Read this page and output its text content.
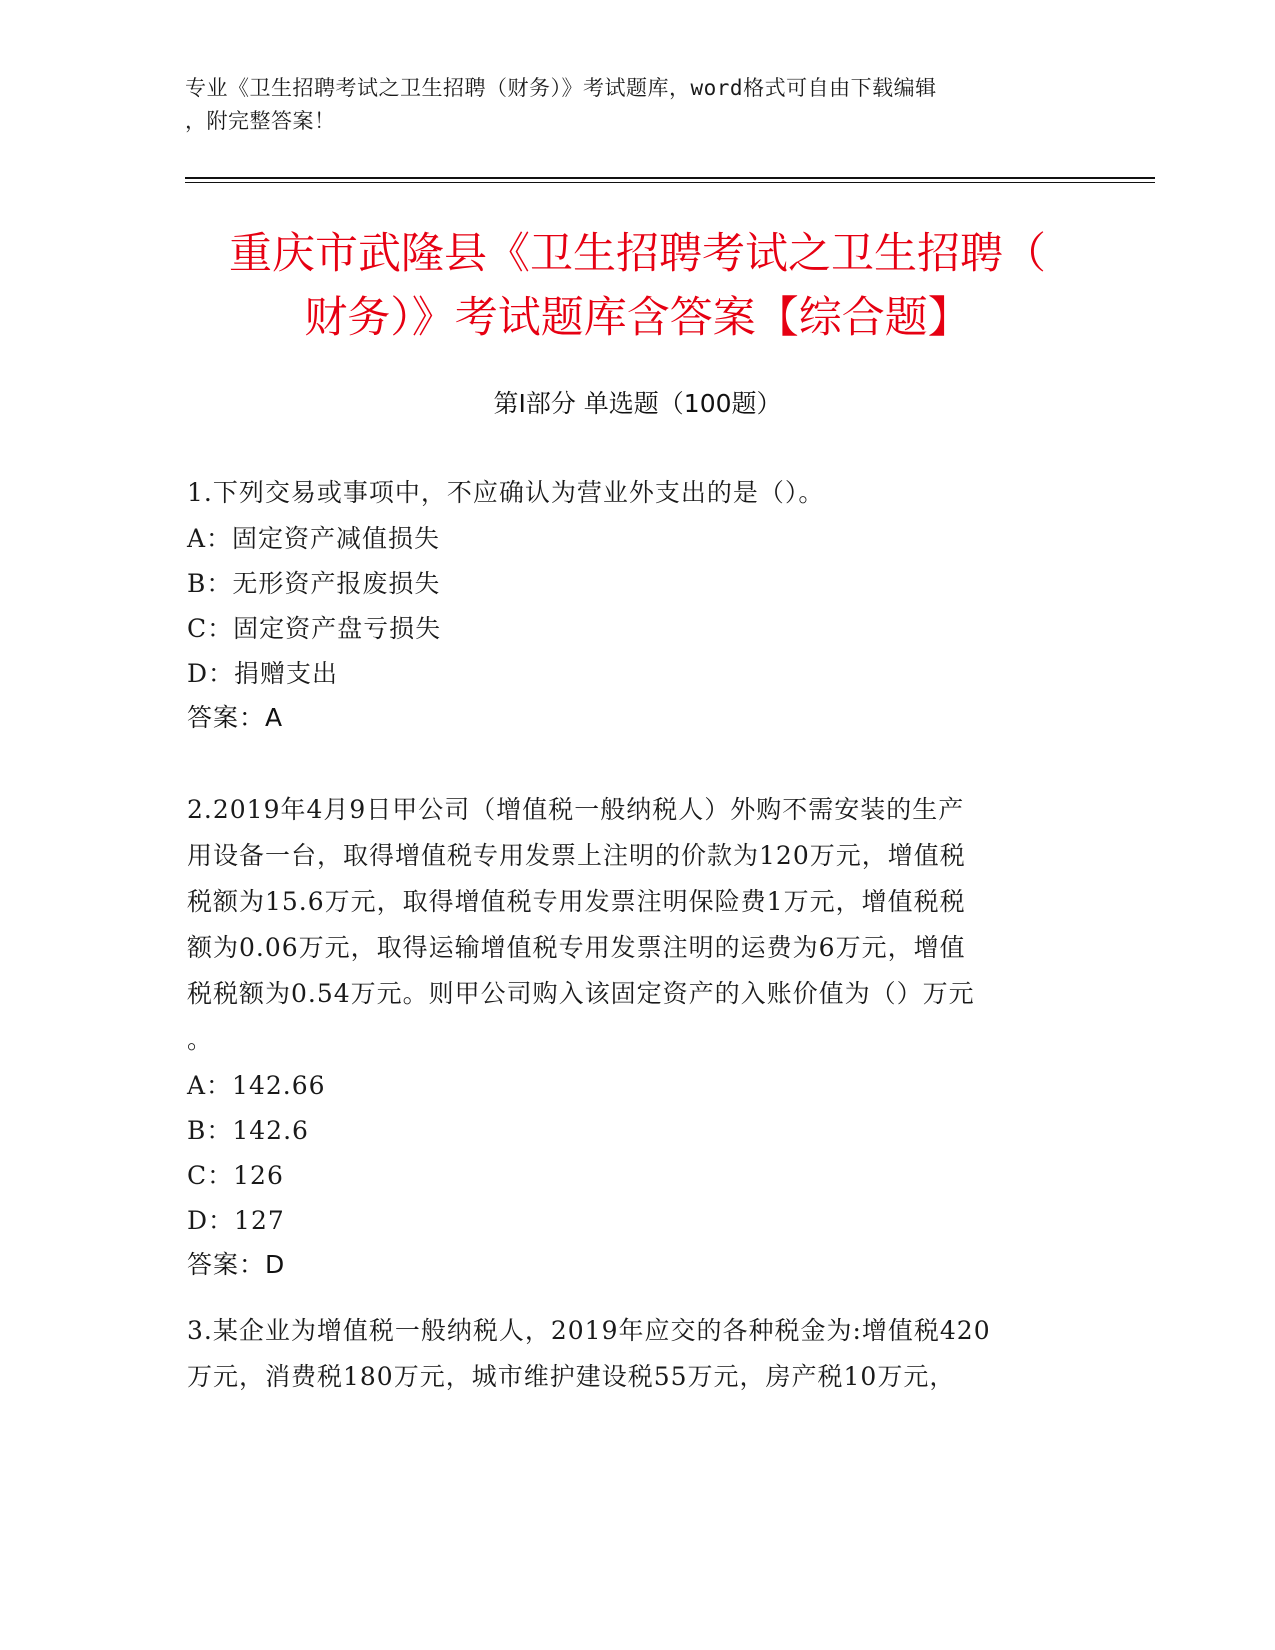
专业《卫生招聘考试之卫生招聘（财务）》考试题库，word格式可自由下载编辑
，附完整答案！
重庆市武隆县《卫生招聘考试之卫生招聘（
财务）》考试题库含答案【综合题】
第Ⅰ部分 单选题（100题）

1.下列交易或事项中，不应确认为营业外支出的是（）。

A：固定资产减值损失

B：无形资产报废损失

C：固定资产盘亏损失

D：捐赠支出

答案：A

2.2019年4月9日甲公司（增值税一般纳税人）外购不需安装的生产

用设备一台，取得增值税专用发票上注明的价款为120万元，增值税

税额为15.6万元，取得增值税专用发票注明保险费1万元，增值税税

额为0.06万元，取得运输增值税专用发票注明的运费为6万元，增值

税税额为0.54万元。则甲公司购入该固定资产的入账价值为（）万元

。

A：142.66

B：142.6

C：126

D：127

答案：D

3.某企业为增值税一般纳税人，2019年应交的各种税金为:增值税420

万元，消费税180万元，城市维护建设税55万元，房产税10万元，
